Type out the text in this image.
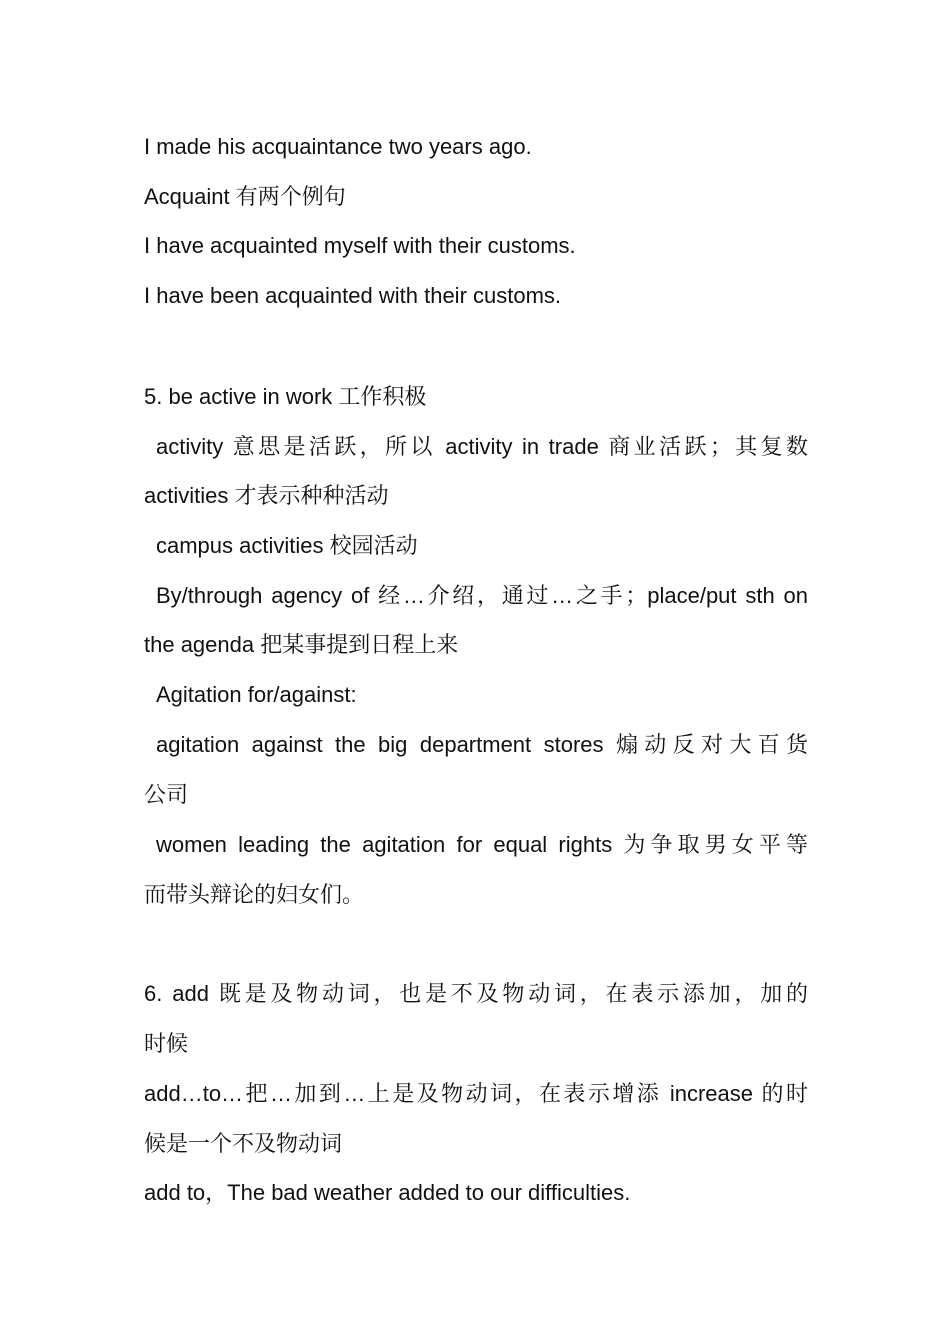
I made his acquaintance two years ago.
Acquaint 有两个例句
I have acquainted myself with their customs.
I have been acquainted with their customs.
5. be active in work 工作积极
activity 意思是活跃，所以 activity in trade 商业活跃；其复数
activities 才表示种种活动
campus activities 校园活动
By/through agency of 经…介绍，通过…之手；place/put sth on
the agenda 把某事提到日程上来
Agitation for/against:
agitation against the big department stores 煽动反对大百货
公司
women leading the agitation for equal rights 为争取男女平等
而带头辩论的妇女们。
6. add 既是及物动词，也是不及物动词，在表示添加，加的
时候
add…to…把…加到…上是及物动词，在表示增添 increase 的时
候是一个不及物动词
add to，The bad weather added to our difficulties.
